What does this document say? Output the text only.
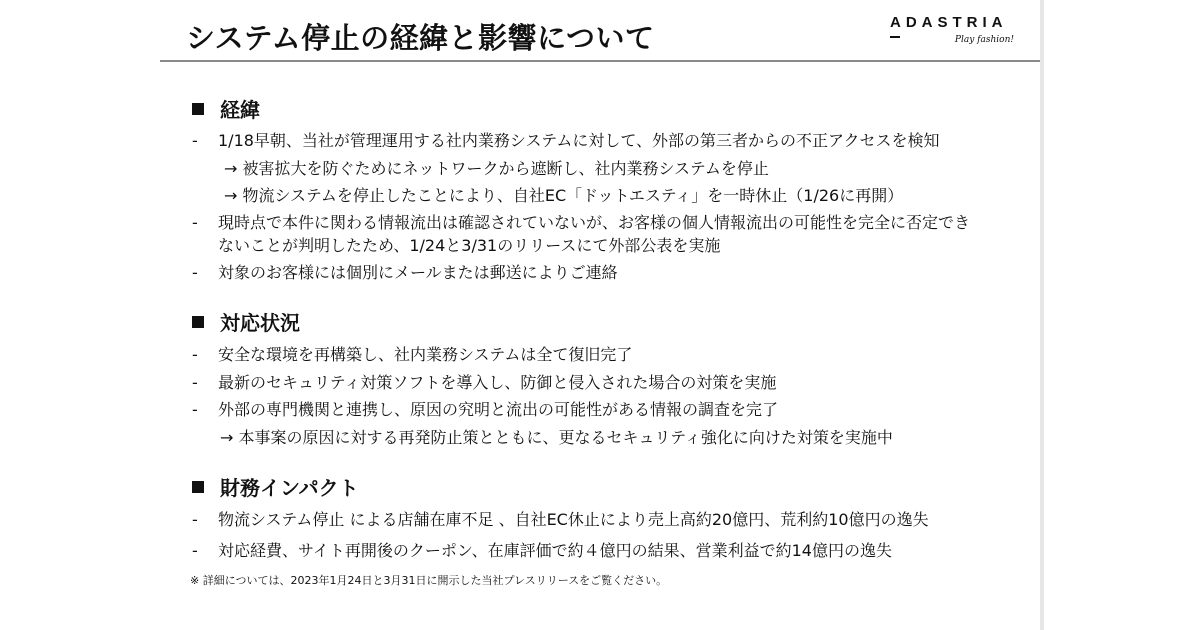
システム停止の経緯と影響について	ADASTRIA
Play fashion!
経緯
- 1/18早朝、当社が管理運用する社内業務システムに対して、外部の第三者からの不正アクセスを検知
→ 被害拡大を防ぐためにネットワークから遮断し、社内業務システムを停止
→ 物流システムを停止したことにより、自社EC「ドットエスティ」を一時休止（1/26に再開）
- 現時点で本件に関わる情報流出は確認されていないが、お客様の個人情報流出の可能性を完全に否定でき
ないことが判明したため、1/24と3/31のリリースにて外部公表を実施
- 対象のお客様には個別にメールまたは郵送によりご連絡
対応状況
- 安全な環境を再構築し、社内業務システムは全て復旧完了
- 最新のセキュリティ対策ソフトを導入し、防御と侵入された場合の対策を実施
- 外部の専門機関と連携し、原因の究明と流出の可能性がある情報の調査を完了
→ 本事案の原因に対する再発防止策とともに、更なるセキュリティ強化に向けた対策を実施中
財務インパクト
- 物流システム停止 による店舗在庫不足 、自社EC休止により売上高約20億円、荒利約10億円の逸失
- 対応経費、サイト再開後のクーポン、在庫評価で約４億円の結果、営業利益で約14億円の逸失
※ 詳細については、2023年1月24日と3月31日に開示した当社プレスリリースをご覧ください。
